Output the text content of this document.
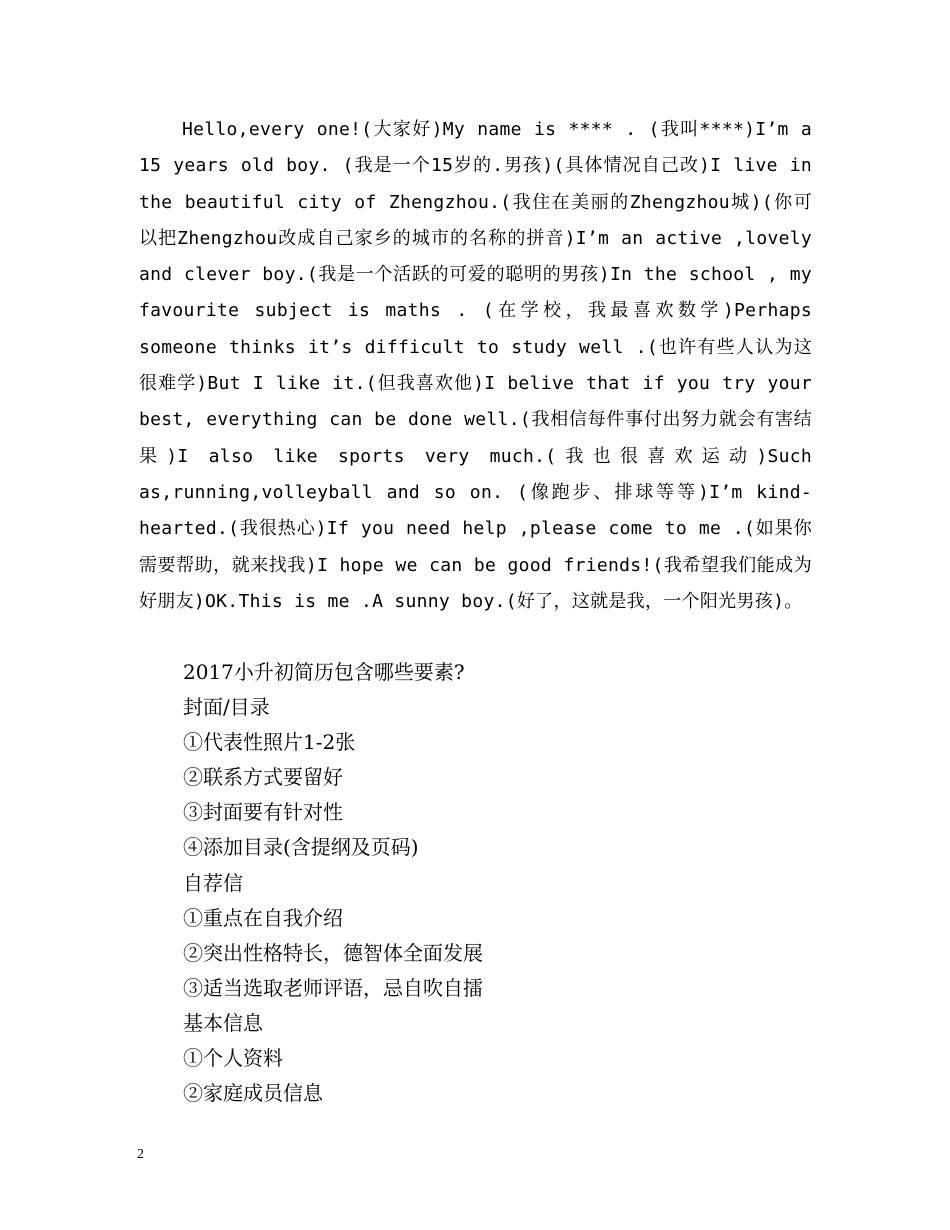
Hello,every one!(大家好)My name is **** . (我叫****)I’m a 15 years old boy. (我是一个15岁的.男孩)(具体情况自己改)I live in the beautiful city of Zhengzhou.(我住在美丽的Zhengzhou城)(你可以把Zhengzhou改成自己家乡的城市的名称的拼音)I’m an active ,lovely and clever boy.(我是一个活跃的可爱的聪明的男孩)In the school , my favourite subject is maths . (在学校，我最喜欢数学)Perhaps someone thinks it’s difficult to study well .(也许有些人认为这很难学)But I like it.(但我喜欢他)I belive that if you try your best, everything can be done well.(我相信每件事付出努力就会有害结果)I also like sports very much.(我也很喜欢运动)Such as,running,volleyball and so on. (像跑步、排球等等)I’m kind-hearted.(我很热心)If you need help ,please come to me .(如果你需要帮助，就来找我)I hope we can be good friends!(我希望我们能成为好朋友)OK.This is me .A sunny boy.(好了，这就是我，一个阳光男孩)。

2017小升初简历包含哪些要素?
封面/目录
①代表性照片1-2张
②联系方式要留好
③封面要有针对性
④添加目录(含提纲及页码)
自荐信
①重点在自我介绍
②突出性格特长，德智体全面发展
③适当选取老师评语，忌自吹自擂
基本信息
①个人资料
②家庭成员信息
2
